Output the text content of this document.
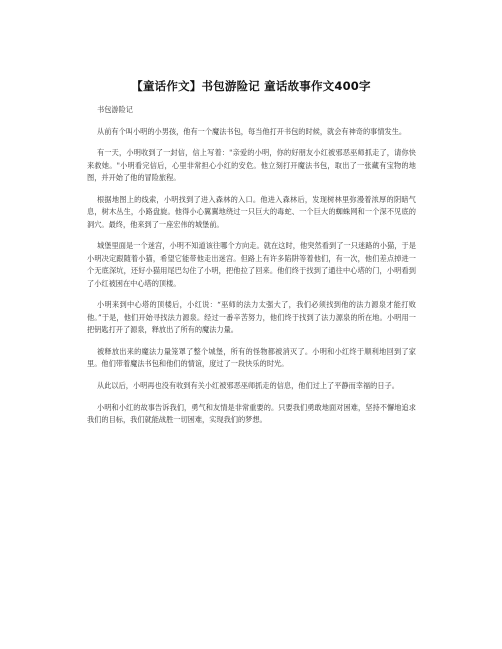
【童话作文】书包游险记 童话故事作文400字

书包游险记

从前有个叫小明的小男孩，他有一个魔法书包，每当他打开书包的时候，就会有神奇的事情发生。

有一天，小明收到了一封信，信上写着："亲爱的小明，你的好朋友小红被邪恶巫师抓走了，请你快来救她。"小明看完信后，心里非常担心小红的安危。他立刻打开魔法书包，取出了一张藏有宝物的地图，并开始了他的冒险旅程。

根据地图上的线索，小明找到了进入森林的入口。他进入森林后，发现树林里弥漫着浓厚的阴暗气息，树木丛生，小路盘旋。他得小心翼翼地绕过一只巨大的毒蛇、一个巨大的蜘蛛网和一个深不见底的洞穴。最终，他来到了一座宏伟的城堡前。

城堡里面是一个迷宫，小明不知道该往哪个方向走。就在这时，他突然看到了一只迷路的小猫，于是小明决定跟随着小猫，希望它能带他走出迷宫。但路上有许多陷阱等着他们，有一次，他们差点掉进一个无底深坑，还好小猫用尾巴勾住了小明，把他拉了回来。他们终于找到了通往中心塔的门，小明看到了小红被困在中心塔的顶楼。

小明来到中心塔的顶楼后，小红说：“巫师的法力太强大了，我们必须找到他的法力源泉才能打败他。”于是，他们开始寻找法力源泉。经过一番辛苦努力，他们终于找到了法力源泉的所在地。小明用一把钥匙打开了源泉，释放出了所有的魔法力量。

被释放出来的魔法力量笼罩了整个城堡，所有的怪物都被消灭了。小明和小红终于顺利地回到了家里。他们带着魔法书包和他们的情谊，度过了一段快乐的时光。

从此以后，小明再也没有收到有关小红被邪恶巫师抓走的信息，他们过上了平静而幸福的日子。

小明和小红的故事告诉我们，勇气和友情是非常重要的。只要我们勇敢地面对困难，坚持不懈地追求我们的目标，我们就能战胜一切困难，实现我们的梦想。
